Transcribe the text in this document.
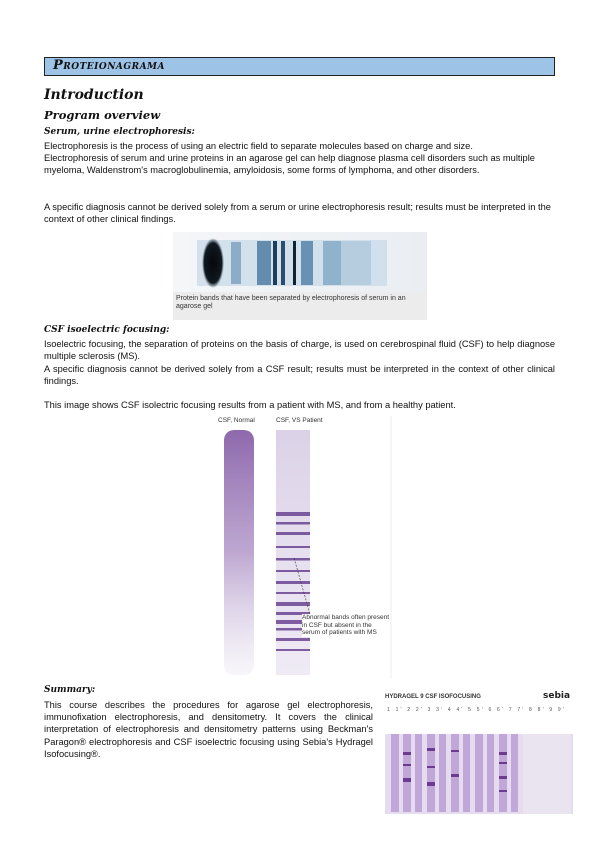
Proteionagrama
Introduction
Program overview
Serum, urine electrophoresis:

Electrophoresis is the process of using an electric field to separate molecules based on charge and size.

Electrophoresis of serum and urine proteins in an agarose gel can help diagnose plasma cell disorders such as multiple myeloma, Waldenstrom's macroglobulinemia, amyloidosis, some forms of lymphoma, and other disorders.

A specific diagnosis cannot be derived solely from a serum or urine electrophoresis result; results must be interpreted in the context of other clinical findings.

Protein bands that have been separated by electrophoresis of serum in an agarose gel
CSF isoelectric focusing:

Isoelectric focusing, the separation of proteins on the basis of charge, is used on cerebrospinal fluid (CSF) to help diagnose multiple sclerosis (MS).

A specific diagnosis cannot be derived solely from a CSF result; results must be interpreted in the context of other clinical findings.

This image shows CSF isolectric focusing results from a patient with MS, and from a healthy patient.

CSF, Normal	CSF, VS Patient
Abnormal bands often present in CSF but absent in the serum of patients with MS
Summary:

This course describes the procedures for agarose gel electrophoresis, immunofixation electrophoresis, and densitometry. It covers the clinical interpretation of electrophoresis and densitometry patterns using Beckman's Paragon® electrophoresis and CSF isoelectric focusing using Sebia's Hydragel Isofocusing®.

HYDRAGEL 9 CSF ISOFOCUSING	sebia
1 1' 2 2' 3 3' 4 4' 5 5' 6 6' 7 7' 8 8' 9 9'
